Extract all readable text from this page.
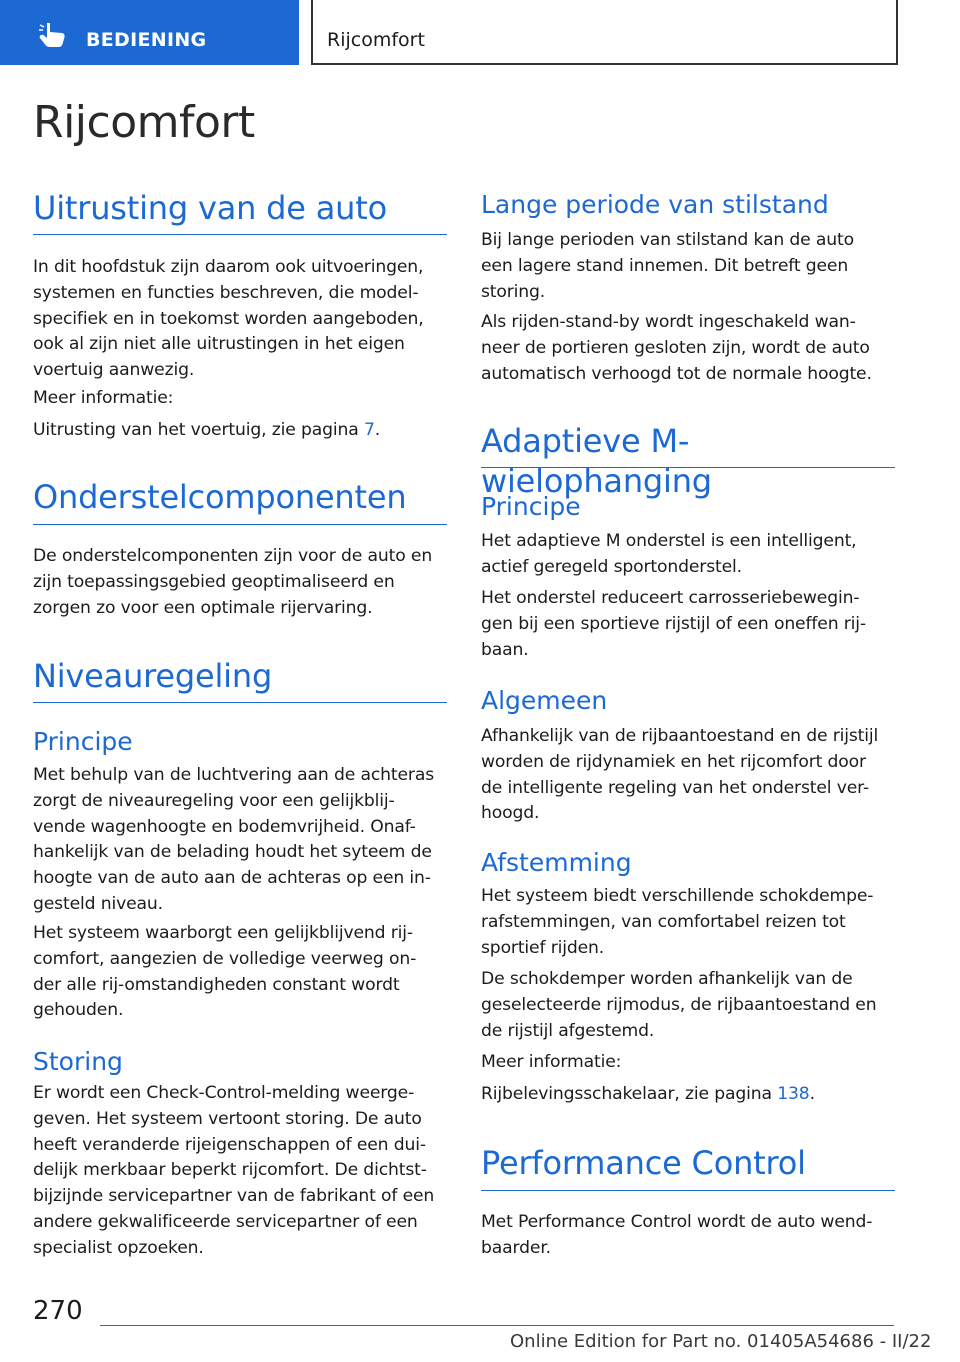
BEDIENING	Rijcomfort
Rijcomfort
Uitrusting van de auto

In dit hoofdstuk zijn daarom ook uitvoeringen,
systemen en functies beschreven, die model-
specifiek en in toekomst worden aangeboden,
ook al zijn niet alle uitrustingen in het eigen
voertuig aanwezig.

Meer informatie:

Uitrusting van het voertuig, zie pagina 7.

Onderstelcomponenten

De onderstelcomponenten zijn voor de auto en
zijn toepassingsgebied geoptimaliseerd en
zorgen zo voor een optimale rijervaring.

Niveauregeling
Principe

Met behulp van de luchtvering aan de achteras
zorgt de niveauregeling voor een gelijkblij-
vende wagenhoogte en bodemvrijheid. Onaf-
hankelijk van de belading houdt het syteem de
hoogte van de auto aan de achteras op een in-
gesteld niveau.

Het systeem waarborgt een gelijkblijvend rij-
comfort, aangezien de volledige veerweg on-
der alle rij-omstandigheden constant wordt
gehouden.

Storing

Er wordt een Check-Control-melding weerge-
geven. Het systeem vertoont storing. De auto
heeft veranderde rijeigenschappen of een dui-
delijk merkbaar beperkt rijcomfort. De dichtst-
bijzijnde servicepartner van de fabrikant of een
andere gekwalificeerde servicepartner of een
specialist opzoeken.

Lange periode van stilstand

Bij lange perioden van stilstand kan de auto
een lagere stand innemen. Dit betreft geen
storing.

Als rijden-stand-by wordt ingeschakeld wan-
neer de portieren gesloten zijn, wordt de auto
automatisch verhoogd tot de normale hoogte.

Adaptieve M-wielophanging
Principe

Het adaptieve M onderstel is een intelligent,
actief geregeld sportonderstel.

Het onderstel reduceert carrosseriebewegin-
gen bij een sportieve rijstijl of een oneffen rij-
baan.

Algemeen

Afhankelijk van de rijbaantoestand en de rijstijl
worden de rijdynamiek en het rijcomfort door
de intelligente regeling van het onderstel ver-
hoogd.

Afstemming

Het systeem biedt verschillende schokdempe-
rafstemmingen, van comfortabel reizen tot
sportief rijden.

De schokdemper worden afhankelijk van de
geselecteerde rijmodus, de rijbaantoestand en
de rijstijl afgestemd.

Meer informatie:

Rijbelevingsschakelaar, zie pagina 138.

Performance Control

Met Performance Control wordt de auto wend-
baarder.

270
Online Edition for Part no. 01405A54686 - II/22
